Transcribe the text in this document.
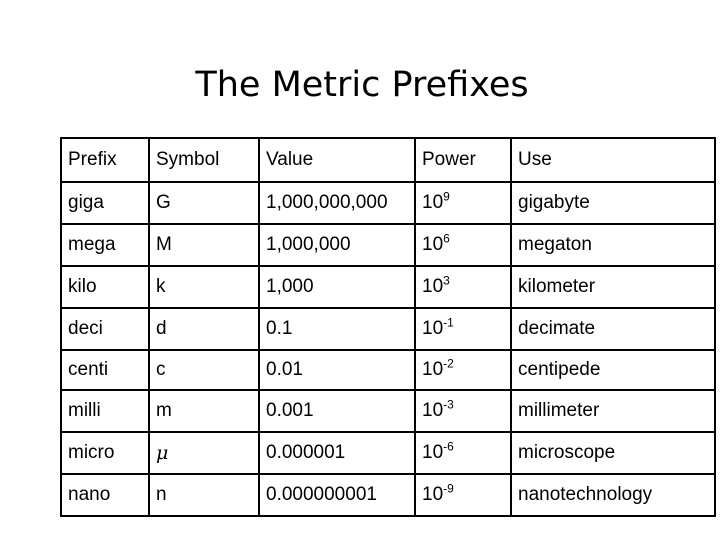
The Metric Prefixes
Prefix	Symbol	Value	Power	Use
giga	G	1,000,000,000	$10^9$	gigabyte
mega	M	1,000,000	$10^6$	megaton
kilo	k	1,000	$10^3$	kilometer
deci	d	0.1	$10^{-1}$	decimate
centi	c	0.01	$10^{-2}$	centipede
milli	m	0.001	$10^{-3}$	millimeter
micro	μ	0.000001	$10^{-6}$	microscope
nano	n	0.000000001	$10^{-9}$	nanotechnology
